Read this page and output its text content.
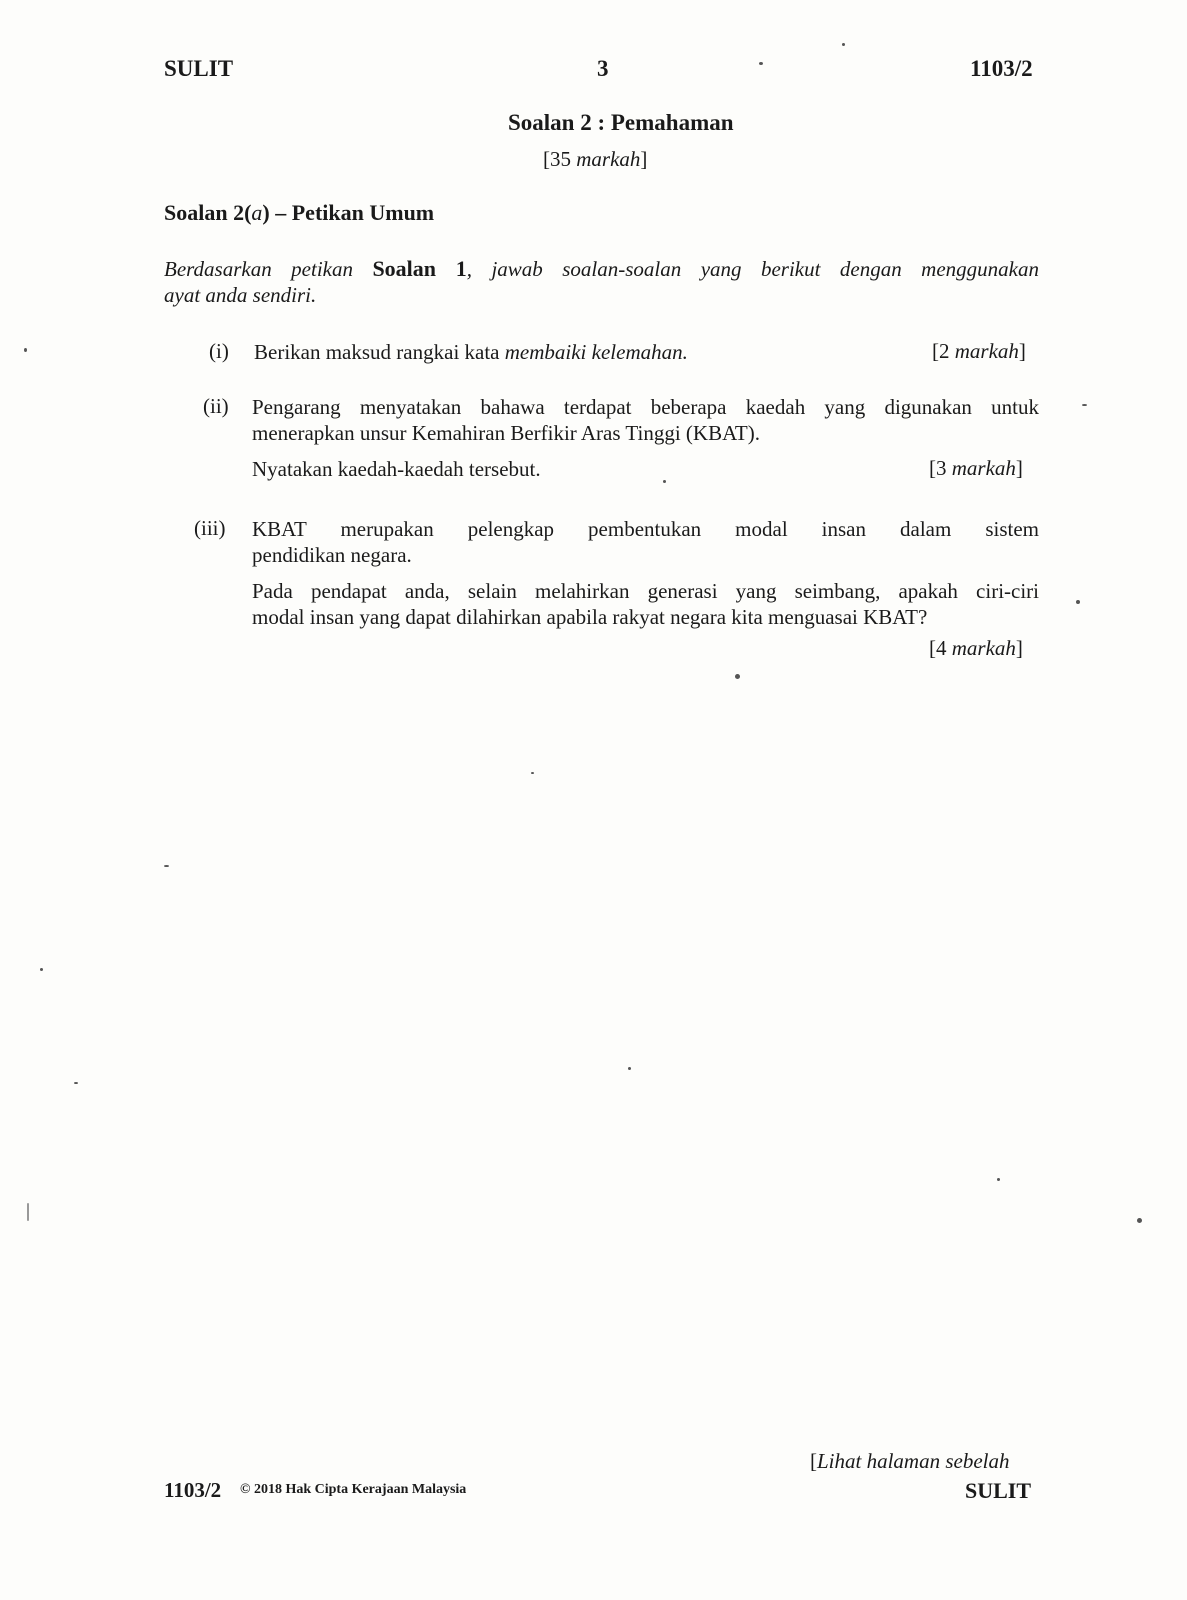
SULIT	3	1103/2
Soalan 2 : Pemahaman
[35 markah]
Soalan 2(a) – Petikan Umum
Berdasarkan petikan Soalan 1, jawab soalan-soalan yang berikut dengan menggunakan
ayat anda sendiri.
(i) Berikan maksud rangkai kata membaiki kelemahan.	[2 markah]
(ii) Pengarang menyatakan bahawa terdapat beberapa kaedah yang digunakan untuk
menerapkan unsur Kemahiran Berfikir Aras Tinggi (KBAT).
Nyatakan kaedah-kaedah tersebut.	[3 markah]
(iii) KBAT merupakan pelengkap pembentukan modal insan dalam sistem
pendidikan negara.
Pada pendapat anda, selain melahirkan generasi yang seimbang, apakah ciri-ciri
modal insan yang dapat dilahirkan apabila rakyat negara kita menguasai KBAT?
[4 markah]
1103/2 © 2018 Hak Cipta Kerajaan Malaysia
[Lihat halaman sebelah
SULIT
